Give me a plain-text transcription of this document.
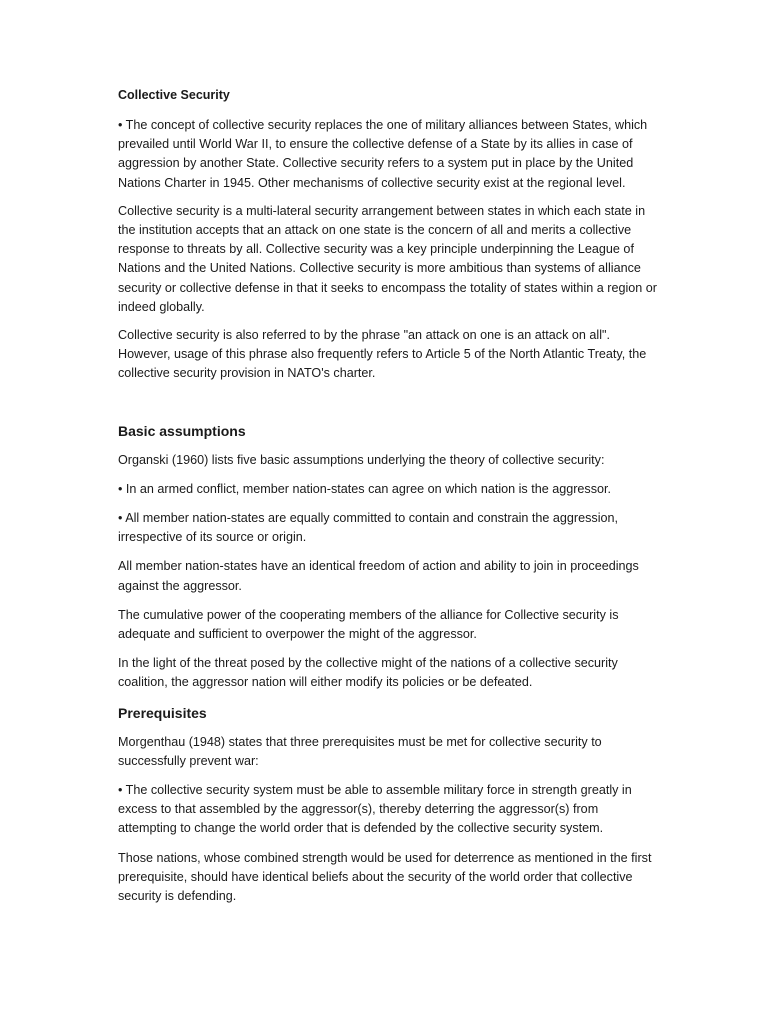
Collective Security

• The concept of collective security replaces the one of military alliances between States, which prevailed until World War II, to ensure the collective defense of a State by its allies in case of aggression by another State. Collective security refers to a system put in place by the United Nations Charter in 1945. Other mechanisms of collective security exist at the regional level.

Collective security is a multi-lateral security arrangement between states in which each state in the institution accepts that an attack on one state is the concern of all and merits a collective response to threats by all. Collective security was a key principle underpinning the League of Nations and the United Nations. Collective security is more ambitious than systems of alliance security or collective defense in that it seeks to encompass the totality of states within a region or indeed globally.

Collective security is also referred to by the phrase "an attack on one is an attack on all". However, usage of this phrase also frequently refers to Article 5 of the North Atlantic Treaty, the collective security provision in NATO's charter.

Basic assumptions

Organski (1960) lists five basic assumptions underlying the theory of collective security:

• In an armed conflict, member nation-states can agree on which nation is the aggressor.

• All member nation-states are equally committed to contain and constrain the aggression, irrespective of its source or origin.

All member nation-states have an identical freedom of action and ability to join in proceedings against the aggressor.

The cumulative power of the cooperating members of the alliance for Collective security is adequate and sufficient to overpower the might of the aggressor.

In the light of the threat posed by the collective might of the nations of a collective security coalition, the aggressor nation will either modify its policies or be defeated.

Prerequisites

Morgenthau (1948) states that three prerequisites must be met for collective security to successfully prevent war:

• The collective security system must be able to assemble military force in strength greatly in excess to that assembled by the aggressor(s), thereby deterring the aggressor(s) from attempting to change the world order that is defended by the collective security system.

Those nations, whose combined strength would be used for deterrence as mentioned in the first prerequisite, should have identical beliefs about the security of the world order that collective security is defending.
